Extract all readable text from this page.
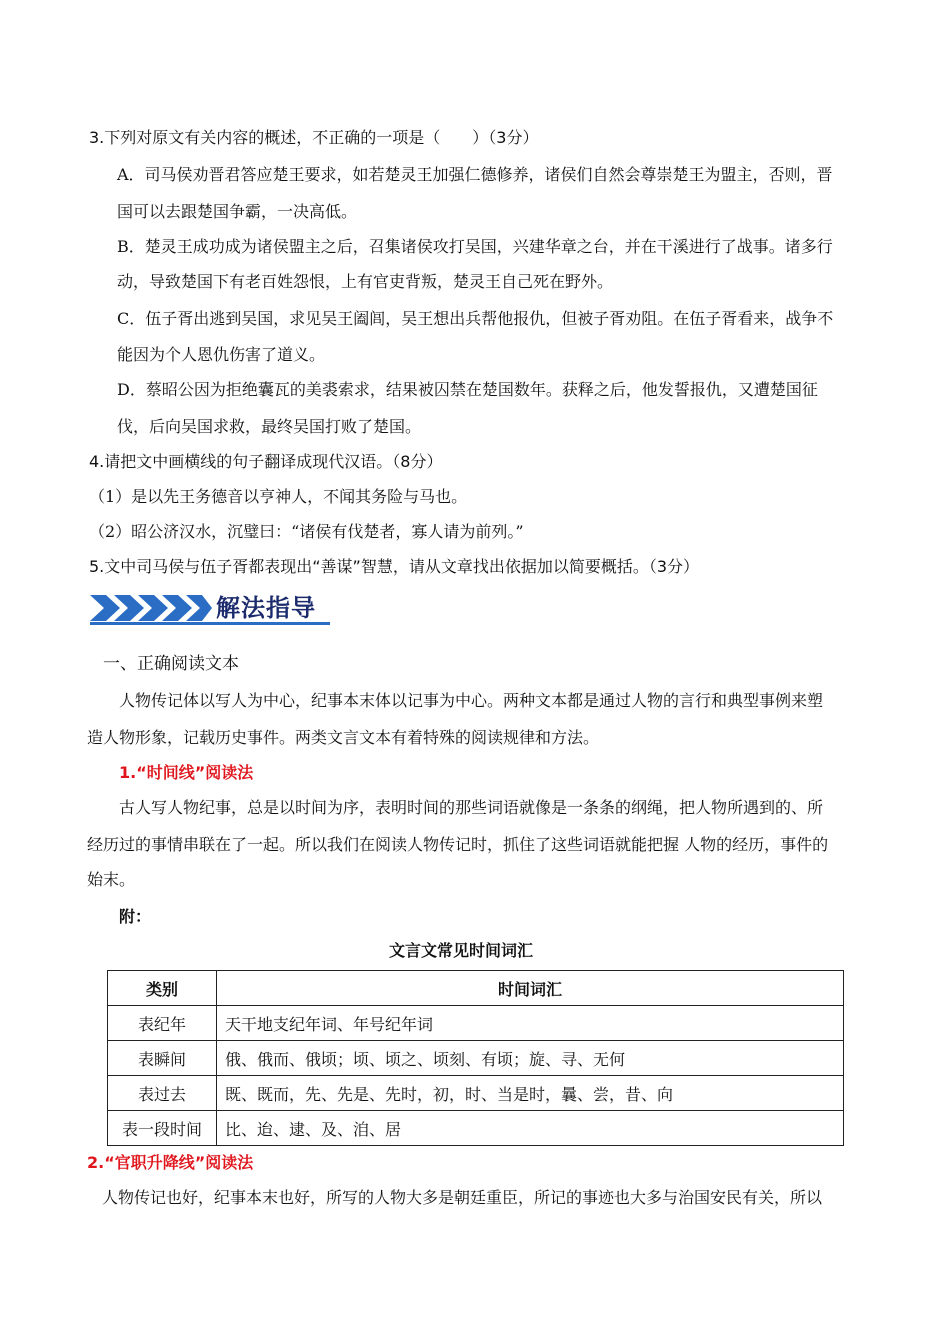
3.下列对原文有关内容的概述，不正确的一项是（　　）（3分）
A．司马侯劝晋君答应楚王要求，如若楚灵王加强仁德修养，诸侯们自然会尊崇楚王为盟主，否则，晋
国可以去跟楚国争霸，一决高低。
B．楚灵王成功成为诸侯盟主之后，召集诸侯攻打吴国，兴建华章之台，并在干溪进行了战事。诸多行
动，导致楚国下有老百姓怨恨，上有官吏背叛，楚灵王自己死在野外。
C．伍子胥出逃到吴国，求见吴王阖闾，吴王想出兵帮他报仇，但被子胥劝阻。在伍子胥看来，战争不
能因为个人恩仇伤害了道义。
D．蔡昭公因为拒绝囊瓦的美裘索求，结果被囚禁在楚国数年。获释之后，他发誓报仇，又遭楚国征
伐，后向吴国求救，最终吴国打败了楚国。
4.请把文中画横线的句子翻译成现代汉语。（8分）
（1）是以先王务德音以亨神人，不闻其务险与马也。
（2）昭公济汉水，沉璧曰：“诸侯有伐楚者，寡人请为前列。”
5.文中司马侯与伍子胥都表现出“善谋”智慧，请从文章找出依据加以简要概括。（3分）
解法指导
一、正确阅读文本
人物传记体以写人为中心，纪事本末体以记事为中心。两种文本都是通过人物的言行和典型事例来塑
造人物形象，记载历史事件。两类文言文本有着特殊的阅读规律和方法。
1.“时间线”阅读法
古人写人物纪事，总是以时间为序，表明时间的那些词语就像是一条条的纲绳，把人物所遇到的、所
经历过的事情串联在了一起。所以我们在阅读人物传记时，抓住了这些词语就能把握 人物的经历，事件的
始末。
附：
文言文常见时间词汇
类别	时间词汇
表纪年	天干地支纪年词、年号纪年词
表瞬间	俄、俄而、俄顷；顷、顷之、顷刻、有顷；旋、寻、无何
表过去	既、既而，先、先是、先时，初，时、当是时，曩、尝，昔、向
表一段时间	比、迨、逮、及、洎、居
2.“官职升降线”阅读法
人物传记也好，纪事本末也好，所写的人物大多是朝廷重臣，所记的事迹也大多与治国安民有关，所以
